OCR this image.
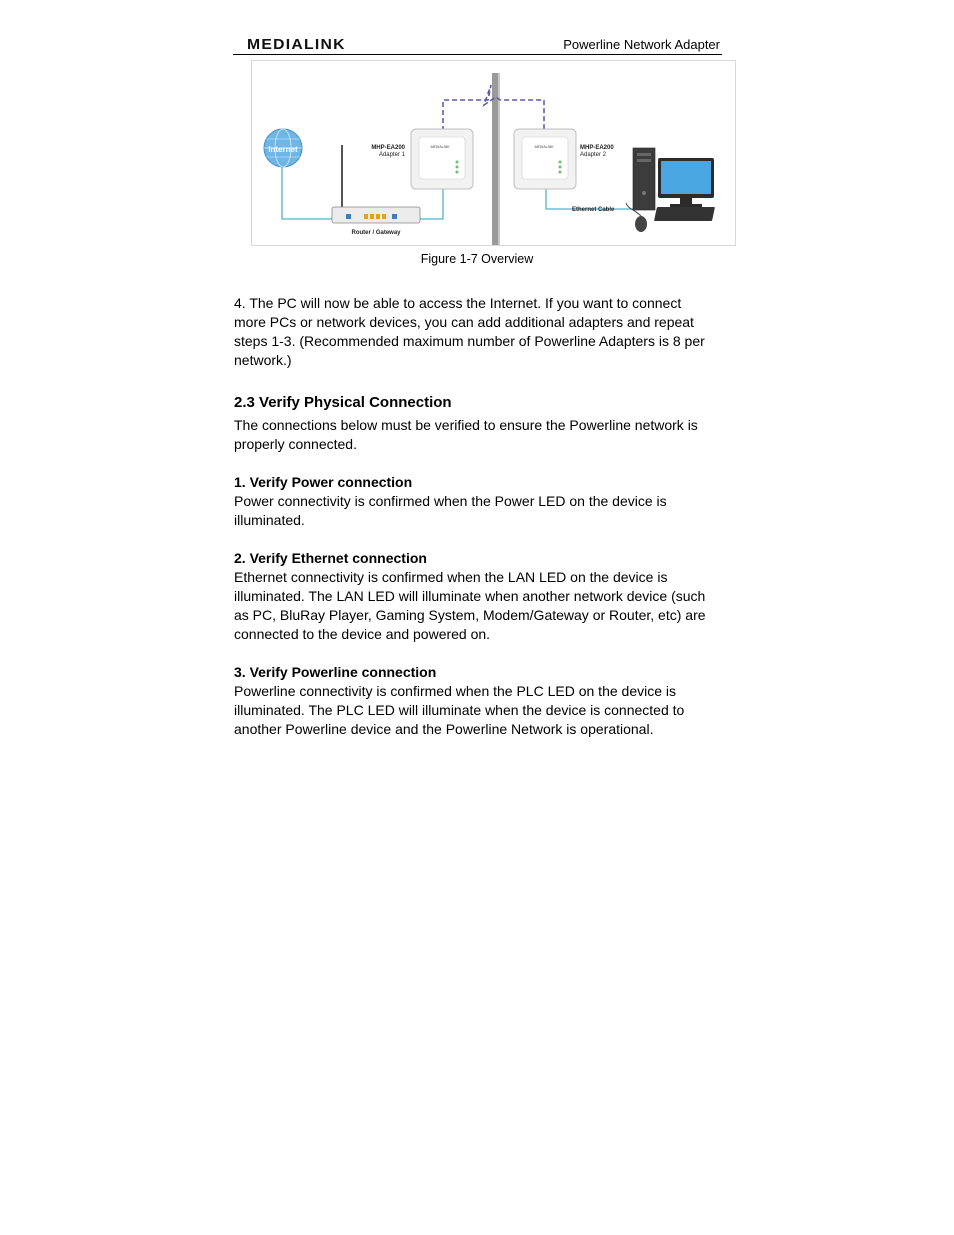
MEDIALINK	Powerline Network Adapter
Internet
Router / Gateway
MEDIALINK
MHP-EA200
Adapter 1
MEDIALINK	MHP-EA200
Adapter 2
Ethernet Cable
Figure 1-7 Overview

4. The PC will now be able to access the Internet. If you want to connect

more PCs or network devices, you can add additional adapters and repeat

steps 1-3. (Recommended maximum number of Powerline Adapters is 8 per

network.)

2.3 Verify Physical Connection

The connections below must be verified to ensure the Powerline network is

properly connected.

1. Verify Power connection

Power connectivity is confirmed when the Power LED on the device is

illuminated.

2. Verify Ethernet connection

Ethernet connectivity is confirmed when the LAN LED on the device is

illuminated. The LAN LED will illuminate when another network device (such

as PC, BluRay Player, Gaming System, Modem/Gateway or Router, etc) are

connected to the device and powered on.

3. Verify Powerline connection

Powerline connectivity is confirmed when the PLC LED on the device is

illuminated. The PLC LED will illuminate when the device is connected to

another Powerline device and the Powerline Network is operational.
